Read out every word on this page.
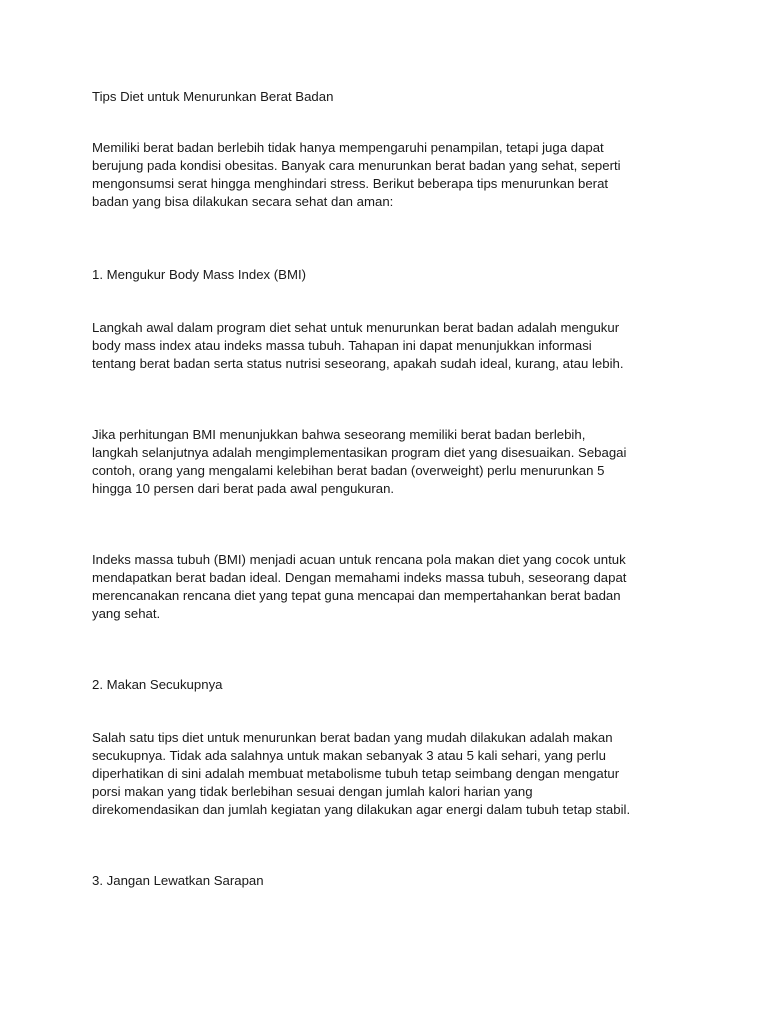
Tips Diet untuk Menurunkan Berat Badan
Memiliki berat badan berlebih tidak hanya mempengaruhi penampilan, tetapi juga dapat
berujung pada kondisi obesitas. Banyak cara menurunkan berat badan yang sehat, seperti
mengonsumsi serat hingga menghindari stress. Berikut beberapa tips menurunkan berat
badan yang bisa dilakukan secara sehat dan aman:
1. Mengukur Body Mass Index (BMI)
Langkah awal dalam program diet sehat untuk menurunkan berat badan adalah mengukur
body mass index atau indeks massa tubuh. Tahapan ini dapat menunjukkan informasi
tentang berat badan serta status nutrisi seseorang, apakah sudah ideal, kurang, atau lebih.
Jika perhitungan BMI menunjukkan bahwa seseorang memiliki berat badan berlebih,
langkah selanjutnya adalah mengimplementasikan program diet yang disesuaikan. Sebagai
contoh, orang yang mengalami kelebihan berat badan (overweight) perlu menurunkan 5
hingga 10 persen dari berat pada awal pengukuran.
Indeks massa tubuh (BMI) menjadi acuan untuk rencana pola makan diet yang cocok untuk
mendapatkan berat badan ideal. Dengan memahami indeks massa tubuh, seseorang dapat
merencanakan rencana diet yang tepat guna mencapai dan mempertahankan berat badan
yang sehat.
2. Makan Secukupnya
Salah satu tips diet untuk menurunkan berat badan yang mudah dilakukan adalah makan
secukupnya. Tidak ada salahnya untuk makan sebanyak 3 atau 5 kali sehari, yang perlu
diperhatikan di sini adalah membuat metabolisme tubuh tetap seimbang dengan mengatur
porsi makan yang tidak berlebihan sesuai dengan jumlah kalori harian yang
direkomendasikan dan jumlah kegiatan yang dilakukan agar energi dalam tubuh tetap stabil.
3. Jangan Lewatkan Sarapan
